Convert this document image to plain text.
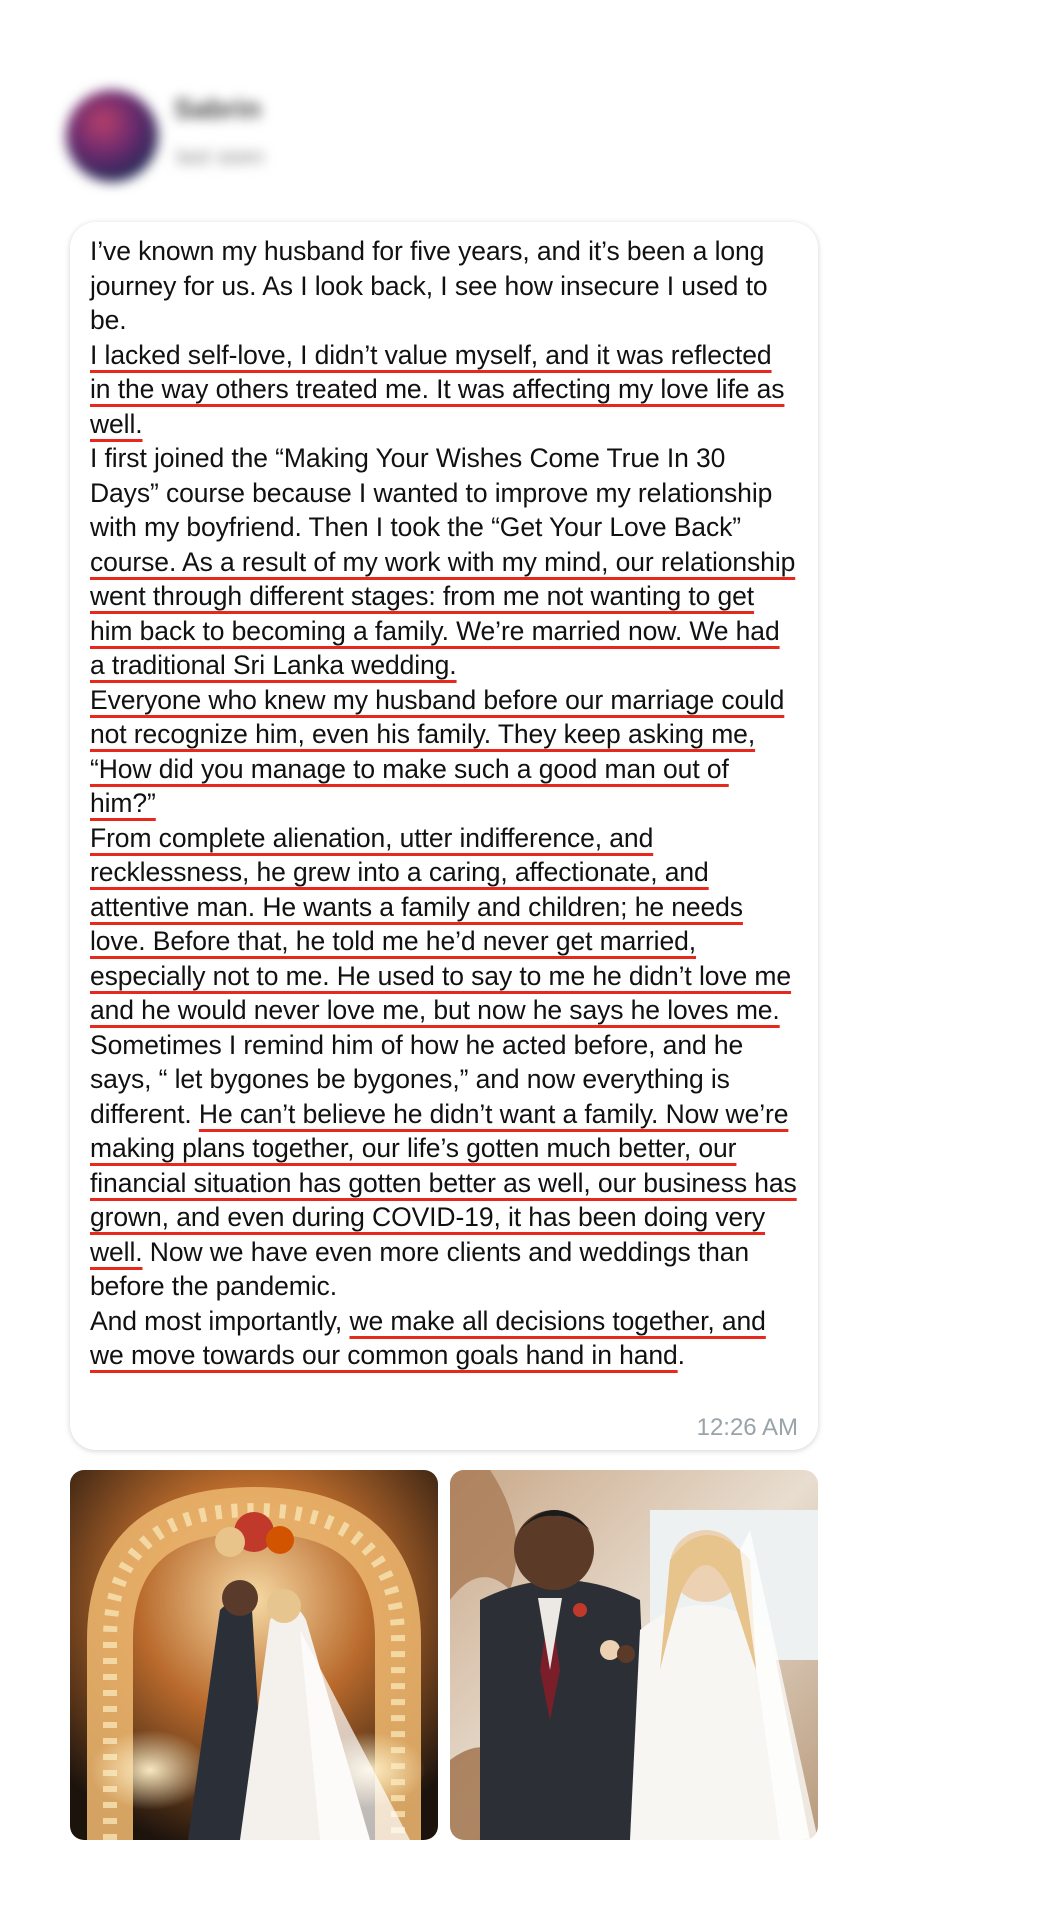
Sabrin
last seen

I’ve known my husband for five years, and it’s been a long journey for us. As I look back, I see how insecure I used to be.
I lacked self-love, I didn’t value myself, and it was reflected in the way others treated me. It was affecting my love life as well.
I first joined the “Making Your Wishes Come True In 30 Days” course because I wanted to improve my relationship with my boyfriend. Then I took the “Get Your Love Back” course. As a result of my work with my mind, our relationship went through different stages: from me not wanting to get him back to becoming a family. We’re married now. We had a traditional Sri Lanka wedding.
Everyone who knew my husband before our marriage could not recognize him, even his family. They keep asking me, “How did you manage to make such a good man out of him?”
From complete alienation, utter indifference, and recklessness, he grew into a caring, affectionate, and attentive man. He wants a family and children; he needs love. Before that, he told me he’d never get married, especially not to me. He used to say to me he didn’t love me and he would never love me, but now he says he loves me.
Sometimes I remind him of how he acted before, and he says, “ let bygones be bygones,” and now everything is different. He can’t believe he didn’t want a family. Now we’re making plans together, our life’s gotten much better, our financial situation has gotten better as well, our business has grown, and even during COVID-19, it has been doing very well. Now we have even more clients and weddings than before the pandemic.
And most importantly, we make all decisions together, and we move towards our common goals hand in hand.

12:26 AM
